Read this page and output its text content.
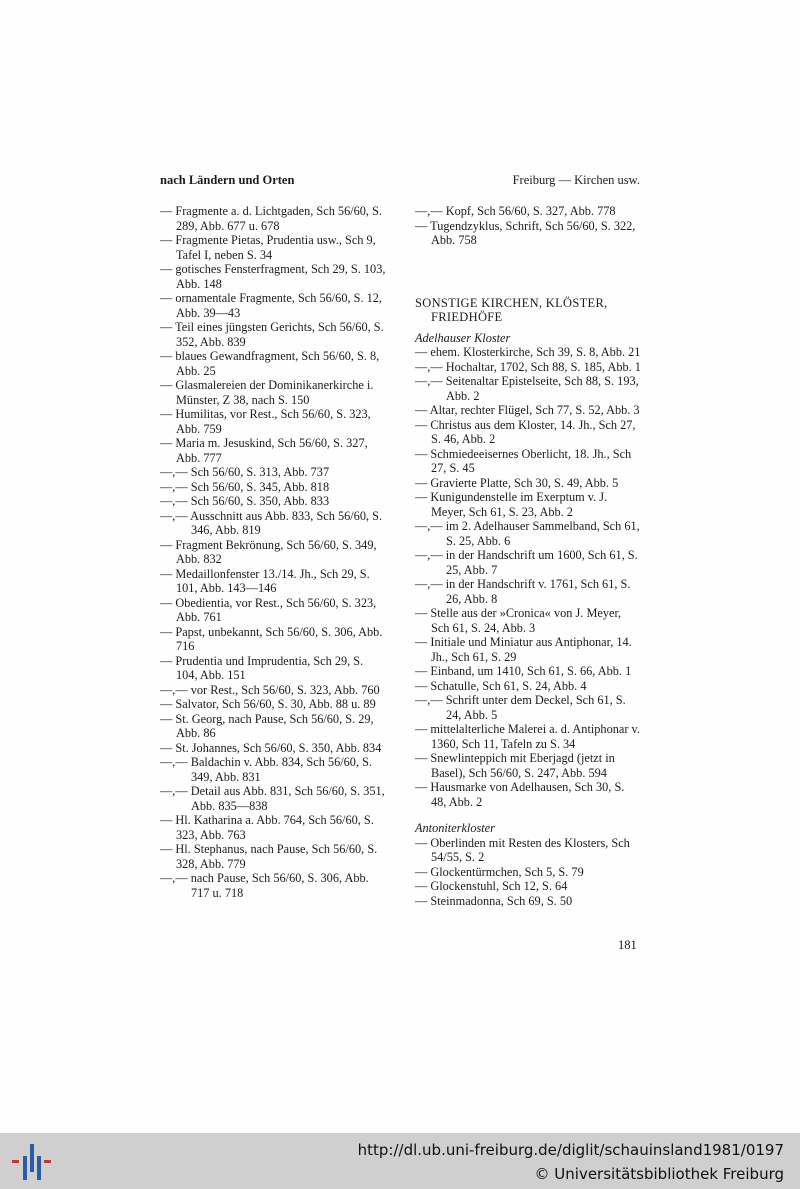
nach Ländern und Orten	Freiburg — Kirchen usw.
— Fragmente a. d. Lichtgaden, Sch 56/60, S. 289, Abb. 677 u. 678
— Fragmente Pietas, Prudentia usw., Sch 9, Tafel I, neben S. 34
— gotisches Fensterfragment, Sch 29, S. 103, Abb. 148
— ornamentale Fragmente, Sch 56/60, S. 12, Abb. 39—43
— Teil eines jüngsten Gerichts, Sch 56/60, S. 352, Abb. 839
— blaues Gewandfragment, Sch 56/60, S. 8, Abb. 25
— Glasmalereien der Dominikanerkirche i. Münster, Z 38, nach S. 150
— Humilitas, vor Rest., Sch 56/60, S. 323, Abb. 759
— Maria m. Jesuskind, Sch 56/60, S. 327, Abb. 777
—,— Sch 56/60, S. 313, Abb. 737
—,— Sch 56/60, S. 345, Abb. 818
—,— Sch 56/60, S. 350, Abb. 833
—,— Ausschnitt aus Abb. 833, Sch 56/60, S. 346, Abb. 819
— Fragment Bekrönung, Sch 56/60, S. 349, Abb. 832
— Medaillonfenster 13./14. Jh., Sch 29, S. 101, Abb. 143—146
— Obedientia, vor Rest., Sch 56/60, S. 323, Abb. 761
— Papst, unbekannt, Sch 56/60, S. 306, Abb. 716
— Prudentia und Imprudentia, Sch 29, S. 104, Abb. 151
—,— vor Rest., Sch 56/60, S. 323, Abb. 760
— Salvator, Sch 56/60, S. 30, Abb. 88 u. 89
— St. Georg, nach Pause, Sch 56/60, S. 29, Abb. 86
— St. Johannes, Sch 56/60, S. 350, Abb. 834
—,— Baldachin v. Abb. 834, Sch 56/60, S. 349, Abb. 831
—,— Detail aus Abb. 831, Sch 56/60, S. 351, Abb. 835—838
— Hl. Katharina a. Abb. 764, Sch 56/60, S. 323, Abb. 763
— Hl. Stephanus, nach Pause, Sch 56/60, S. 328, Abb. 779
—,— nach Pause, Sch 56/60, S. 306, Abb. 717 u. 718
—,— Kopf, Sch 56/60, S. 327, Abb. 778
— Tugendzyklus, Schrift, Sch 56/60, S. 322, Abb. 758
SONSTIGE KIRCHEN, KLÖSTER, FRIEDHÖFE
Adelhauser Kloster
— ehem. Klosterkirche, Sch 39, S. 8, Abb. 21
—,— Hochaltar, 1702, Sch 88, S. 185, Abb. 1
—,— Seitenaltar Epistelseite, Sch 88, S. 193, Abb. 2
— Altar, rechter Flügel, Sch 77, S. 52, Abb. 3
— Christus aus dem Kloster, 14. Jh., Sch 27, S. 46, Abb. 2
— Schmiedeeisernes Oberlicht, 18. Jh., Sch 27, S. 45
— Gravierte Platte, Sch 30, S. 49, Abb. 5
— Kunigundenstelle im Exerptum v. J. Meyer, Sch 61, S. 23, Abb. 2
—,— im 2. Adelhauser Sammelband, Sch 61, S. 25, Abb. 6
—,— in der Handschrift um 1600, Sch 61, S. 25, Abb. 7
—,— in der Handschrift v. 1761, Sch 61, S. 26, Abb. 8
— Stelle aus der »Cronica« von J. Meyer, Sch 61, S. 24, Abb. 3
— Initiale und Miniatur aus Antiphonar, 14. Jh., Sch 61, S. 29
— Einband, um 1410, Sch 61, S. 66, Abb. 1
— Schatulle, Sch 61, S. 24, Abb. 4
—,— Schrift unter dem Deckel, Sch 61, S. 24, Abb. 5
— mittelalterliche Malerei a. d. Antiphonar v. 1360, Sch 11, Tafeln zu S. 34
— Snewlinteppich mit Eberjagd (jetzt in Basel), Sch 56/60, S. 247, Abb. 594
— Hausmarke von Adelhausen, Sch 30, S. 48, Abb. 2
Antoniterkloster
— Oberlinden mit Resten des Klosters, Sch 54/55, S. 2
— Glockentürmchen, Sch 5, S. 79
— Glockenstuhl, Sch 12, S. 64
— Steinmadonna, Sch 69, S. 50
181
http://dl.ub.uni-freiburg.de/diglit/schauinsland1981/0197
© Universitätsbibliothek Freiburg
